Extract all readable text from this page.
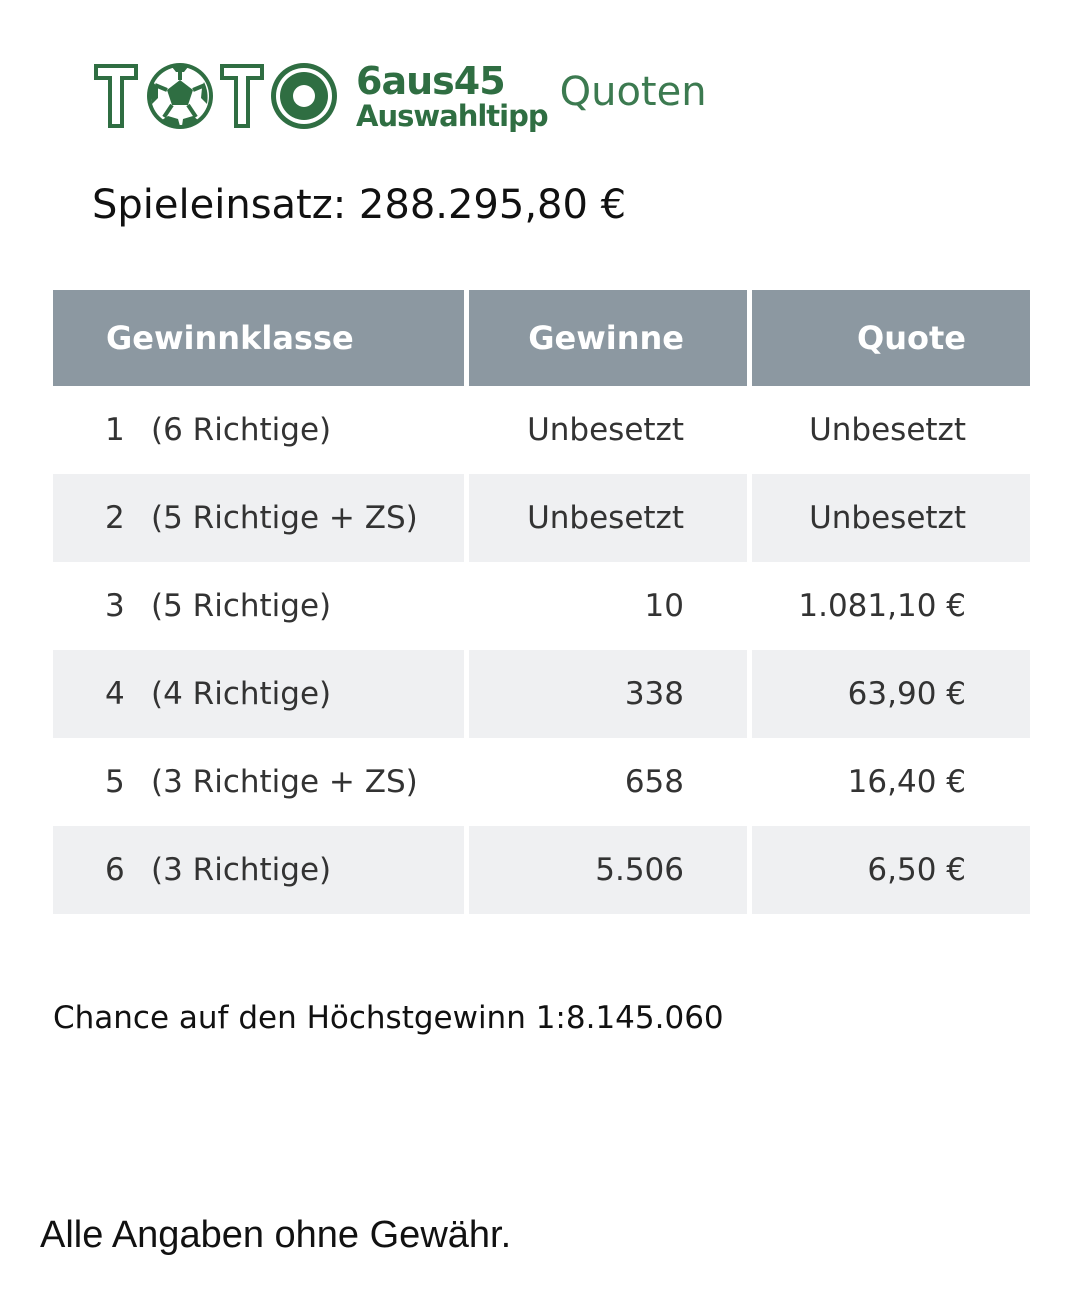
6aus45
Auswahltipp
Quoten
Spieleinsatz: 288.295,80 €
Gewinnklasse	Gewinne	Quote
1 (6 Richtige)	Unbesetzt	Unbesetzt
2 (5 Richtige + ZS)	Unbesetzt	Unbesetzt
3 (5 Richtige)	10	1.081,10 €
4 (4 Richtige)	338	63,90 €
5 (3 Richtige + ZS)	658	16,40 €
6 (3 Richtige)	5.506	6,50 €
Chance auf den Höchstgewinn 1:8.145.060
Alle Angaben ohne Gewähr.
